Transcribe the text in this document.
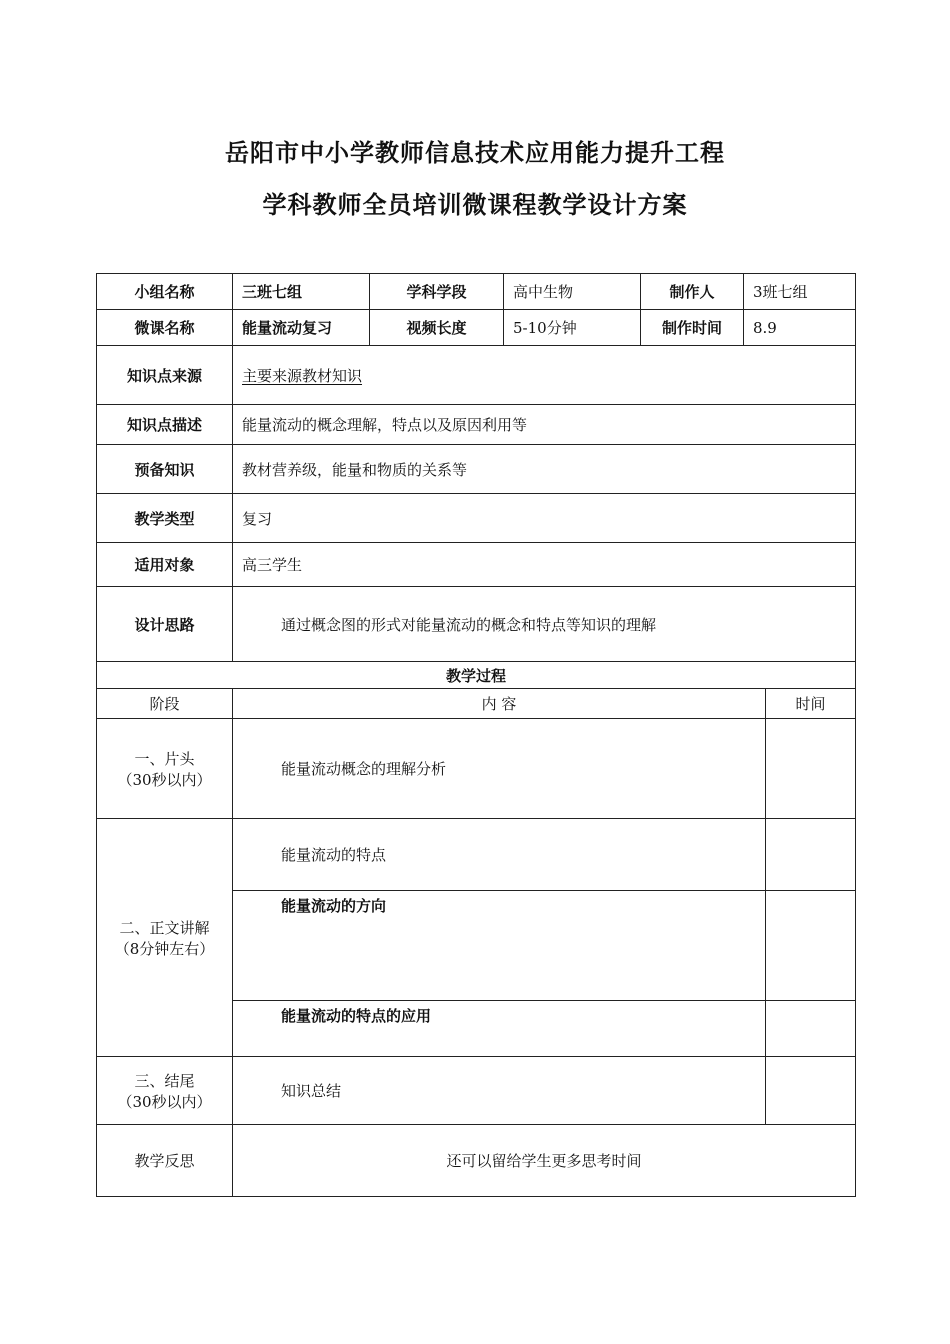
岳阳市中小学教师信息技术应用能力提升工程
学科教师全员培训微课程教学设计方案
小组名称	三班七组	学科学段	高中生物	制作人	3班七组	
微课名称	能量流动复习	视频长度	5-10分钟	制作时间	8.9	
知识点来源	主要来源教材知识					
知识点描述	能量流动的概念理解，特点以及原因利用等					
预备知识	教材营养级，能量和物质的关系等					
教学类型	复习					
适用对象	高三学生					
设计思路	通过概念图的形式对能量流动的概念和特点等知识的理解					
教学过程						
阶段	内 容					时间

一、片头
（30秒以内）	能量流动概念的理解分析					

二、正文讲解
（8分钟左右）	能量流动的特点					
	能量流动的方向					
	能量流动的特点的应用					

三、结尾
（30秒以内）	知识总结					
教学反思	还可以留给学生更多思考时间					
